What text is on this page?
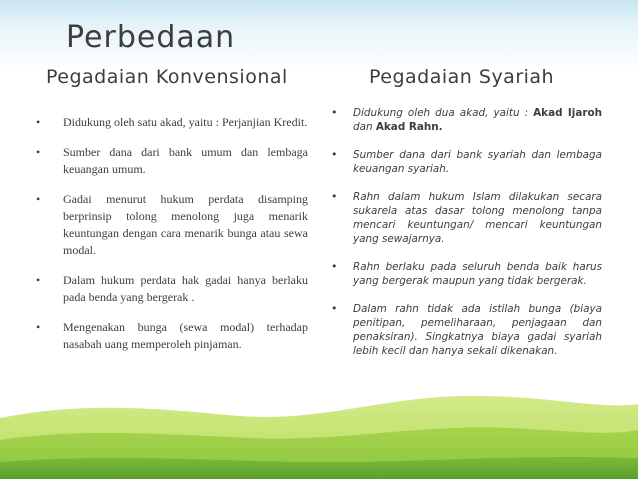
Perbedaan
Pegadaian Konvensional	Pegadaian Syariah
• Didukung oleh satu akad, yaitu : Perjanjian Kredit.
• Sumber dana dari bank umum dan lembaga keuangan umum.
• Gadai menurut hukum perdata disamping berprinsip tolong menolong juga menarik keuntungan dengan cara menarik bunga atau sewa modal.
• Dalam hukum perdata hak gadai hanya berlaku pada benda yang bergerak .
• Mengenakan bunga (sewa modal) terhadap nasabah uang memperoleh pinjaman.
• Didukung oleh dua akad, yaitu : Akad Ijaroh dan Akad Rahn.
• Sumber dana dari bank syariah dan lembaga keuangan syariah.
• Rahn dalam hukum Islam dilakukan secara sukarela atas dasar tolong menolong tanpa mencari keuntungan/ mencari keuntungan yang sewajarnya.
• Rahn berlaku pada seluruh benda baik harus yang bergerak maupun yang tidak bergerak.
• Dalam rahn tidak ada istilah bunga (biaya penitipan, pemeliharaan, penjagaan dan penaksiran). Singkatnya biaya gadai syariah lebih kecil dan hanya sekali dikenakan.
